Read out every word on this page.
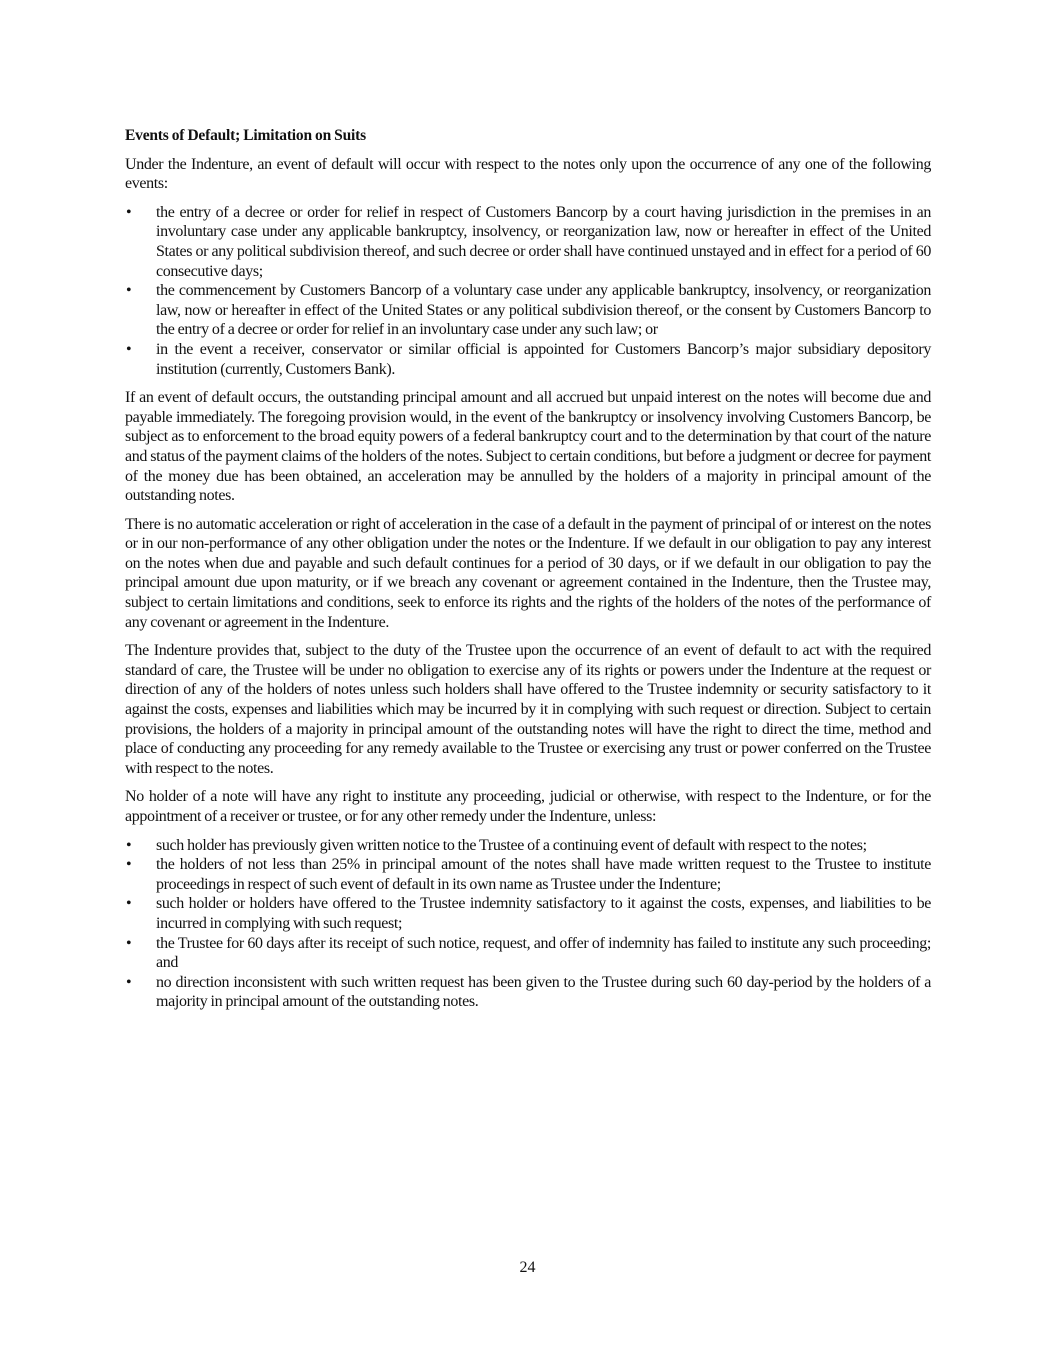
Events of Default; Limitation on Suits

Under the Indenture, an event of default will occur with respect to the notes only upon the occurrence of any one of the following events:

• the entry of a decree or order for relief in respect of Customers Bancorp by a court having jurisdiction in the premises in an involuntary case under any applicable bankruptcy, insolvency, or reorganization law, now or hereafter in effect of the United States or any political subdivision thereof, and such decree or order shall have continued unstayed and in effect for a period of 60 consecutive days;
• the commencement by Customers Bancorp of a voluntary case under any applicable bankruptcy, insolvency, or reorganization law, now or hereafter in effect of the United States or any political subdivision thereof, or the consent by Customers Bancorp to the entry of a decree or order for relief in an involuntary case under any such law; or
• in the event a receiver, conservator or similar official is appointed for Customers Bancorp’s major subsidiary depository institution (currently, Customers Bank).

If an event of default occurs, the outstanding principal amount and all accrued but unpaid interest on the notes will become due and payable immediately. The foregoing provision would, in the event of the bankruptcy or insolvency involving Customers Bancorp, be subject as to enforcement to the broad equity powers of a federal bankruptcy court and to the determination by that court of the nature and status of the payment claims of the holders of the notes. Subject to certain conditions, but before a judgment or decree for payment of the money due has been obtained, an acceleration may be annulled by the holders of a majority in principal amount of the outstanding notes.

There is no automatic acceleration or right of acceleration in the case of a default in the payment of principal of or interest on the notes or in our non-performance of any other obligation under the notes or the Indenture. If we default in our obligation to pay any interest on the notes when due and payable and such default continues for a period of 30 days, or if we default in our obligation to pay the principal amount due upon maturity, or if we breach any covenant or agreement contained in the Indenture, then the Trustee may, subject to certain limitations and conditions, seek to enforce its rights and the rights of the holders of the notes of the performance of any covenant or agreement in the Indenture.

The Indenture provides that, subject to the duty of the Trustee upon the occurrence of an event of default to act with the required standard of care, the Trustee will be under no obligation to exercise any of its rights or powers under the Indenture at the request or direction of any of the holders of notes unless such holders shall have offered to the Trustee indemnity or security satisfactory to it against the costs, expenses and liabilities which may be incurred by it in complying with such request or direction. Subject to certain provisions, the holders of a majority in principal amount of the outstanding notes will have the right to direct the time, method and place of conducting any proceeding for any remedy available to the Trustee or exercising any trust or power conferred on the Trustee with respect to the notes.

No holder of a note will have any right to institute any proceeding, judicial or otherwise, with respect to the Indenture, or for the appointment of a receiver or trustee, or for any other remedy under the Indenture, unless:

• such holder has previously given written notice to the Trustee of a continuing event of default with respect to the notes;
• the holders of not less than 25% in principal amount of the notes shall have made written request to the Trustee to institute proceedings in respect of such event of default in its own name as Trustee under the Indenture;
• such holder or holders have offered to the Trustee indemnity satisfactory to it against the costs, expenses, and liabilities to be incurred in complying with such request;
• the Trustee for 60 days after its receipt of such notice, request, and offer of indemnity has failed to institute any such proceeding; and
• no direction inconsistent with such written request has been given to the Trustee during such 60 day-period by the holders of a majority in principal amount of the outstanding notes.
24
